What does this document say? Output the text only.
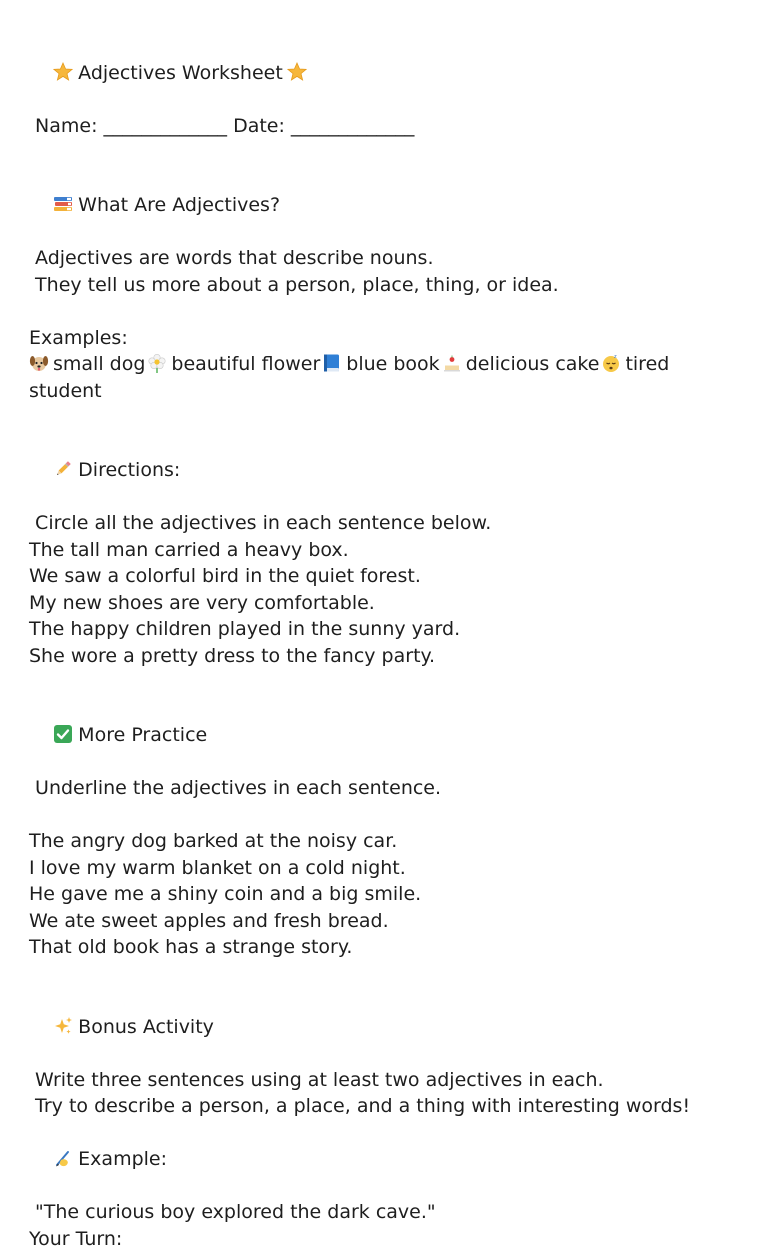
Adjectives Worksheet

Name: _____________ Date: _____________

What Are Adjectives?

Adjectives are words that describe nouns.
They tell us more about a person, place, thing, or idea.
Examples:
small dog beautiful flower blue book delicious cake	z tired
student

Directions:

Circle all the adjectives in each sentence below.
The tall man carried a heavy box.
We saw a colorful bird in the quiet forest.
My new shoes are very comfortable.
The happy children played in the sunny yard.
She wore a pretty dress to the fancy party.

More Practice

Underline the adjectives in each sentence.
The angry dog barked at the noisy car.
I love my warm blanket on a cold night.
He gave me a shiny coin and a big smile.
We ate sweet apples and fresh bread.
That old book has a strange story.

Bonus Activity

Write three sentences using at least two adjectives in each.
Try to describe a person, a place, and a thing with interesting words!

Example:

"The curious boy explored the dark cave."
Your Turn:
